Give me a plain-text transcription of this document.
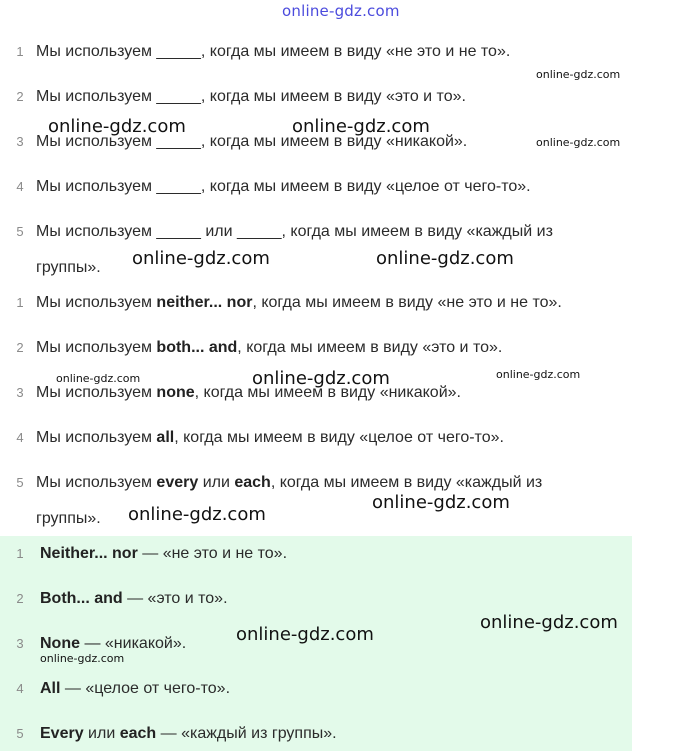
online-gdz.com
1 Мы используем _____, когда мы имеем в виду «не это и не то».
2 Мы используем _____, когда мы имеем в виду «это и то».
3 Мы используем _____, когда мы имеем в виду «никакой».
4 Мы используем _____, когда мы имеем в виду «целое от чего-то».
5 Мы используем _____ или _____, когда мы имеем в виду «каждый из
группы».
1 Мы используем neither... nor, когда мы имеем в виду «не это и не то».
2 Мы используем both... and, когда мы имеем в виду «это и то».
3 Мы используем none, когда мы имеем в виду «никакой».
4 Мы используем all, когда мы имеем в виду «целое от чего-то».
5 Мы используем every или each, когда мы имеем в виду «каждый из
группы».
1 Neither... nor — «не это и не то».
2 Both... and — «это и то».
3 None — «никакой».
4 All — «целое от чего-то».
5 Every или each — «каждый из группы».
online-gdz.com
online-gdz.com	online-gdz.com
online-gdz.com
online-gdz.com	online-gdz.com
online-gdz.com	online-gdz.com	online-gdz.com
online-gdz.com
online-gdz.com
online-gdz.com
online-gdz.com
online-gdz.com
